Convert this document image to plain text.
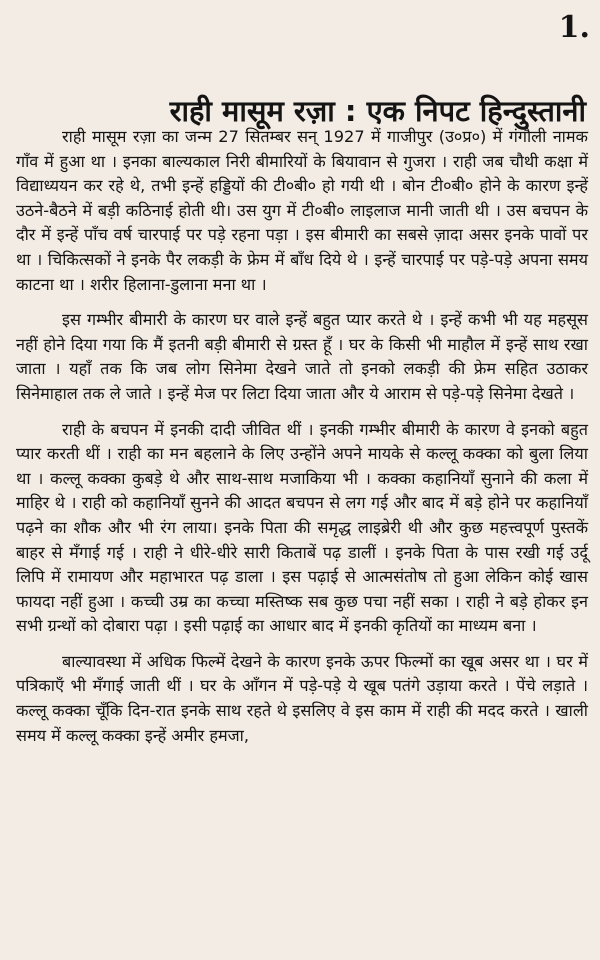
1.
राही मासूम रज़ा : एक निपट हिन्दुस्तानी

राही मासूम रज़ा का जन्म 27 सितम्बर सन् 1927 में गाजीपुर (उ०प्र०) में गंगौली नामक गाँव में हुआ था । इनका बाल्यकाल निरी बीमारियों के बियावान से गुजरा । राही जब चौथी कक्षा में विद्याध्ययन कर रहे थे, तभी इन्हें हड्डियों की टी०बी० हो गयी थी । बोन टी०बी० होने के कारण इन्हें उठने-बैठने में बड़ी कठिनाई होती थी। उस युग में टी०बी० लाइलाज मानी जाती थी । उस बचपन के दौर में इन्हें पाँच वर्ष चारपाई पर पड़े रहना पड़ा । इस बीमारी का सबसे ज़ादा असर इनके पावों पर था । चिकित्सकों ने इनके पैर लकड़ी के फ्रेम में बाँध दिये थे । इन्हें चारपाई पर पड़े-पड़े अपना समय काटना था । शरीर हिलाना-डुलाना मना था ।

इस गम्भीर बीमारी के कारण घर वाले इन्हें बहुत प्यार करते थे । इन्हें कभी भी यह महसूस नहीं होने दिया गया कि मैं इतनी बड़ी बीमारी से ग्रस्त हूँ । घर के किसी भी माहौल में इन्हें साथ रखा जाता । यहाँ तक कि जब लोग सिनेमा देखने जाते तो इनको लकड़ी की फ्रेम सहित उठाकर सिनेमाहाल तक ले जाते । इन्हें मेज पर लिटा दिया जाता और ये आराम से पड़े-पड़े सिनेमा देखते ।

राही के बचपन में इनकी दादी जीवित थीं । इनकी गम्भीर बीमारी के कारण वे इनको बहुत प्यार करती थीं । राही का मन बहलाने के लिए उन्होंने अपने मायके से कल्लू कक्का को बुला लिया था । कल्लू कक्का कुबड़े थे और साथ-साथ मजाकिया भी । कक्का कहानियाँ सुनाने की कला में माहिर थे । राही को कहानियाँ सुनने की आदत बचपन से लग गई और बाद में बड़े होने पर कहानियाँ पढ़ने का शौक और भी रंग लाया। इनके पिता की समृद्ध लाइब्रेरी थी और कुछ महत्त्वपूर्ण पुस्तकें बाहर से मँगाई गई । राही ने धीरे-धीरे सारी किताबें पढ़ डालीं । इनके पिता के पास रखी गई उर्दू लिपि में रामायण और महाभारत पढ़ डाला । इस पढ़ाई से आत्मसंतोष तो हुआ लेकिन कोई खास फायदा नहीं हुआ । कच्ची उम्र का कच्चा मस्तिष्क सब कुछ पचा नहीं सका । राही ने बड़े होकर इन सभी ग्रन्थों को दोबारा पढ़ा । इसी पढ़ाई का आधार बाद में इनकी कृतियों का माध्यम बना ।

बाल्यावस्था में अधिक फिल्में देखने के कारण इनके ऊपर फिल्मों का खूब असर था । घर में पत्रिकाएँ भी मँगाई जाती थीं । घर के आँगन में पड़े-पड़े ये खूब पतंगे उड़ाया करते । पेंचे लड़ाते । कल्लू कक्का चूँकि दिन-रात इनके साथ रहते थे इसलिए वे इस काम में राही की मदद करते । खाली समय में कल्लू कक्का इन्हें अमीर हमजा,
